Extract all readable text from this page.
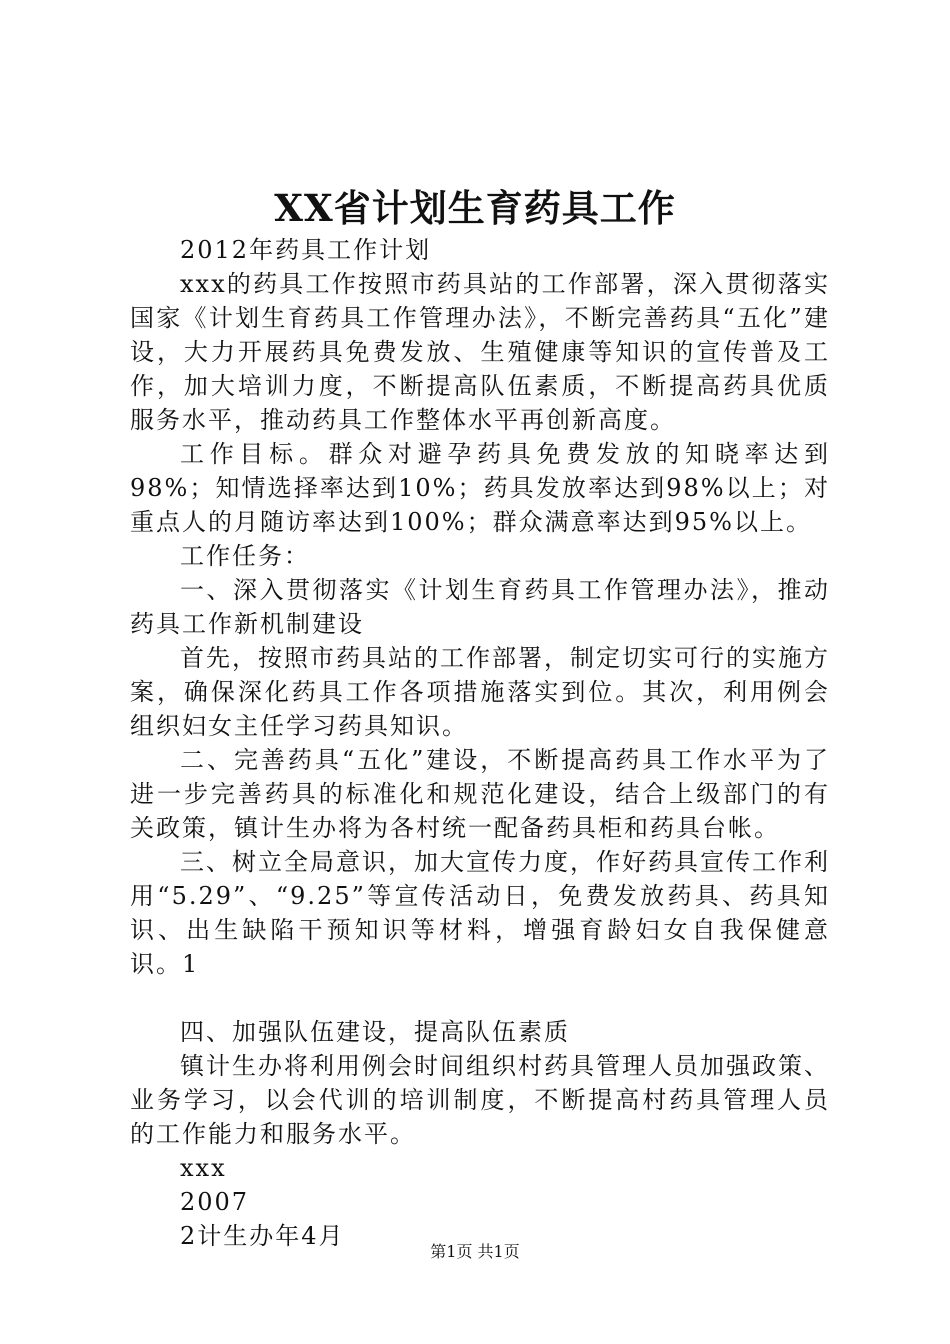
XX省计划生育药具工作

2012年药具工作计划

xxx的药具工作按照市药具站的工作部署，深入贯彻落实国家《计划生育药具工作管理办法》，不断完善药具“五化”建设，大力开展药具免费发放、生殖健康等知识的宣传普及工作，加大培训力度，不断提高队伍素质，不断提高药具优质服务水平，推动药具工作整体水平再创新高度。

工作目标。群众对避孕药具免费发放的知晓率达到98%；知情选择率达到10%；药具发放率达到98%以上；对重点人的月随访率达到100%；群众满意率达到95%以上。

工作任务：

一、深入贯彻落实《计划生育药具工作管理办法》，推动药具工作新机制建设

首先，按照市药具站的工作部署，制定切实可行的实施方案，确保深化药具工作各项措施落实到位。其次，利用例会组织妇女主任学习药具知识。

二、完善药具“五化”建设，不断提高药具工作水平为了进一步完善药具的标准化和规范化建设，结合上级部门的有关政策，镇计生办将为各村统一配备药具柜和药具台帐。

三、树立全局意识，加大宣传力度，作好药具宣传工作利用“5.29”、“9.25”等宣传活动日，免费发放药具、药具知识、出生缺陷干预知识等材料，增强育龄妇女自我保健意识。1

四、加强队伍建设，提高队伍素质

镇计生办将利用例会时间组织村药具管理人员加强政策、业务学习，以会代训的培训制度，不断提高村药具管理人员的工作能力和服务水平。

xxx

2007

2计生办年4月

第1页 共1页
